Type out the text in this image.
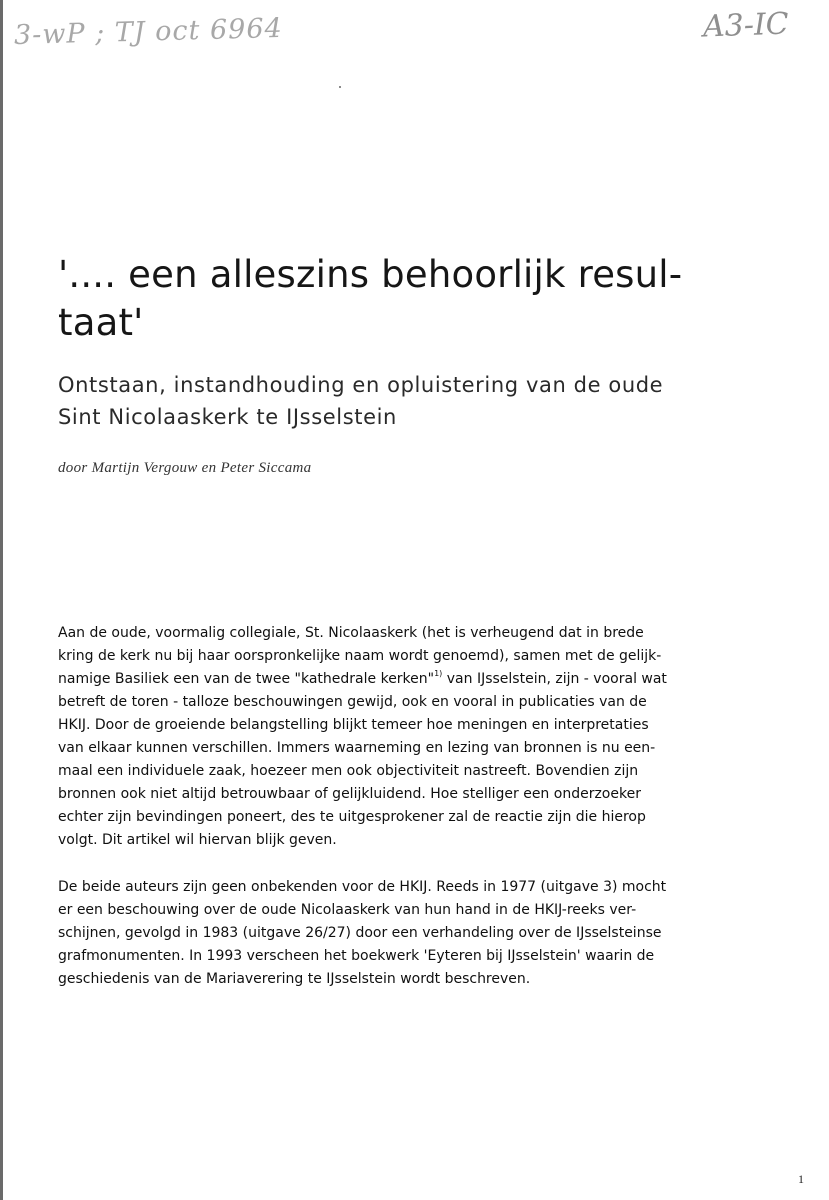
3-wP ; TJ oct 6964	A3-IC
'.... een alleszins behoorlijk resul-
taat'
Ontstaan, instandhouding en opluistering van de oude
Sint Nicolaaskerk te IJsselstein
door Martijn Vergouw en Peter Siccama

Aan de oude, voormalig collegiale, St. Nicolaaskerk (het is verheugend dat in brede
kring de kerk nu bij haar oorspronkelijke naam wordt genoemd), samen met de gelijk-
namige Basiliek een van de twee "kathedrale kerken"$^{1)}$ van IJsselstein, zijn - vooral wat
betreft de toren - talloze beschouwingen gewijd, ook en vooral in publicaties van de
HKIJ. Door de groeiende belangstelling blijkt temeer hoe meningen en interpretaties
van elkaar kunnen verschillen. Immers waarneming en lezing van bronnen is nu een-
maal een individuele zaak, hoezeer men ook objectiviteit nastreeft. Bovendien zijn
bronnen ook niet altijd betrouwbaar of gelijkluidend. Hoe stelliger een onderzoeker
echter zijn bevindingen poneert, des te uitgesprokener zal de reactie zijn die hierop
volgt. Dit artikel wil hiervan blijk geven.

De beide auteurs zijn geen onbekenden voor de HKIJ. Reeds in 1977 (uitgave 3) mocht
er een beschouwing over de oude Nicolaaskerk van hun hand in de HKIJ-reeks ver-
schijnen, gevolgd in 1983 (uitgave 26/27) door een verhandeling over de IJsselsteinse
grafmonumenten. In 1993 verscheen het boekwerk 'Eyteren bij IJsselstein' waarin de
geschiedenis van de Mariaverering te IJsselstein wordt beschreven.

1
